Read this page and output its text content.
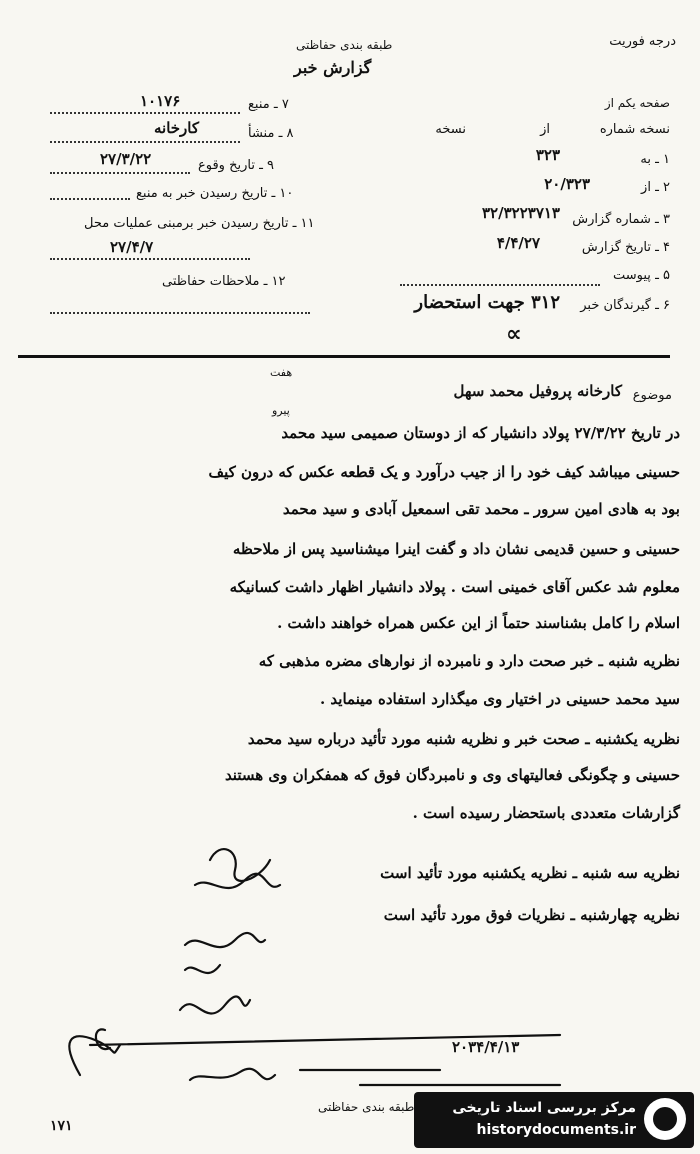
درجه فوریت
طبقه بندی حفاظتی
گزارش خبر
صفحه یکم از
۷ ـ منبع
۱۰۱۷۶
۸ ـ منشأ
کارخانه
۹ ـ تاریخ وقوع
۲۷/۳/۲۲
۱۰ ـ تاریخ رسیدن خبر به منبع
۱۱ ـ تاریخ رسیدن خبر برمبنی عملیات محل
۲۷/۴/۷
۱۲ ـ ملاحظات حفاظتی
نسخه شماره
از
نسخه
۱ ـ به
۳۲۳
۲ ـ از
۲۰/۳۲۳
۳ ـ شماره گزارش
۳۲/۳۲۲۳۷۱۳
۴ ـ تاریخ گزارش
۴/۴/۲۷
۵ ـ پیوست
۶ ـ گیرندگان خبر
۳۱۲ جهت استحضار
∝
هفت
پیرو
موضوع
کارخانه پروفیل محمد سهل
در تاریخ ۲۷/۳/۲۲ پولاد دانشیار که از دوستان صمیمی سید محمد
حسینی میباشد کیف خود را از جیب درآورد و یک قطعه عکس که درون کیف
بود به هادی امین سرور ـ محمد تقی اسمعیل آبادی و سید محمد
حسینی و حسین قدیمی نشان داد و گفت اینرا میشناسید پس از ملاحظه
معلوم شد عکس آقای خمینی است . پولاد دانشیار اظهار داشت کسانیکه
اسلام را کامل بشناسند حتماً از این عکس همراه خواهند داشت .
نظریه شنبه ـ خبر صحت دارد و نامبرده از نوارهای مضره مذهبی که
سید محمد حسینی در اختیار وی میگذارد استفاده مینماید .
نظریه یکشنبه ـ صحت خبر و نظریه شنبه مورد تأئید درباره سید محمد
حسینی و چگونگی فعالیتهای وی و نامبردگان فوق که همفکران وی هستند
گزارشات متعددی باستحضار رسیده است .
نظریه سه شنبه ـ نظریه یکشنبه مورد تأئید است
نظریه چهارشنبه ـ نظریات فوق مورد تأئید است
۲۰۳۴/۴/۱۳
طبقه بندی حفاظتی
۱۷۱
مرکز بررسی اسناد تاریخی
historydocuments.ir
